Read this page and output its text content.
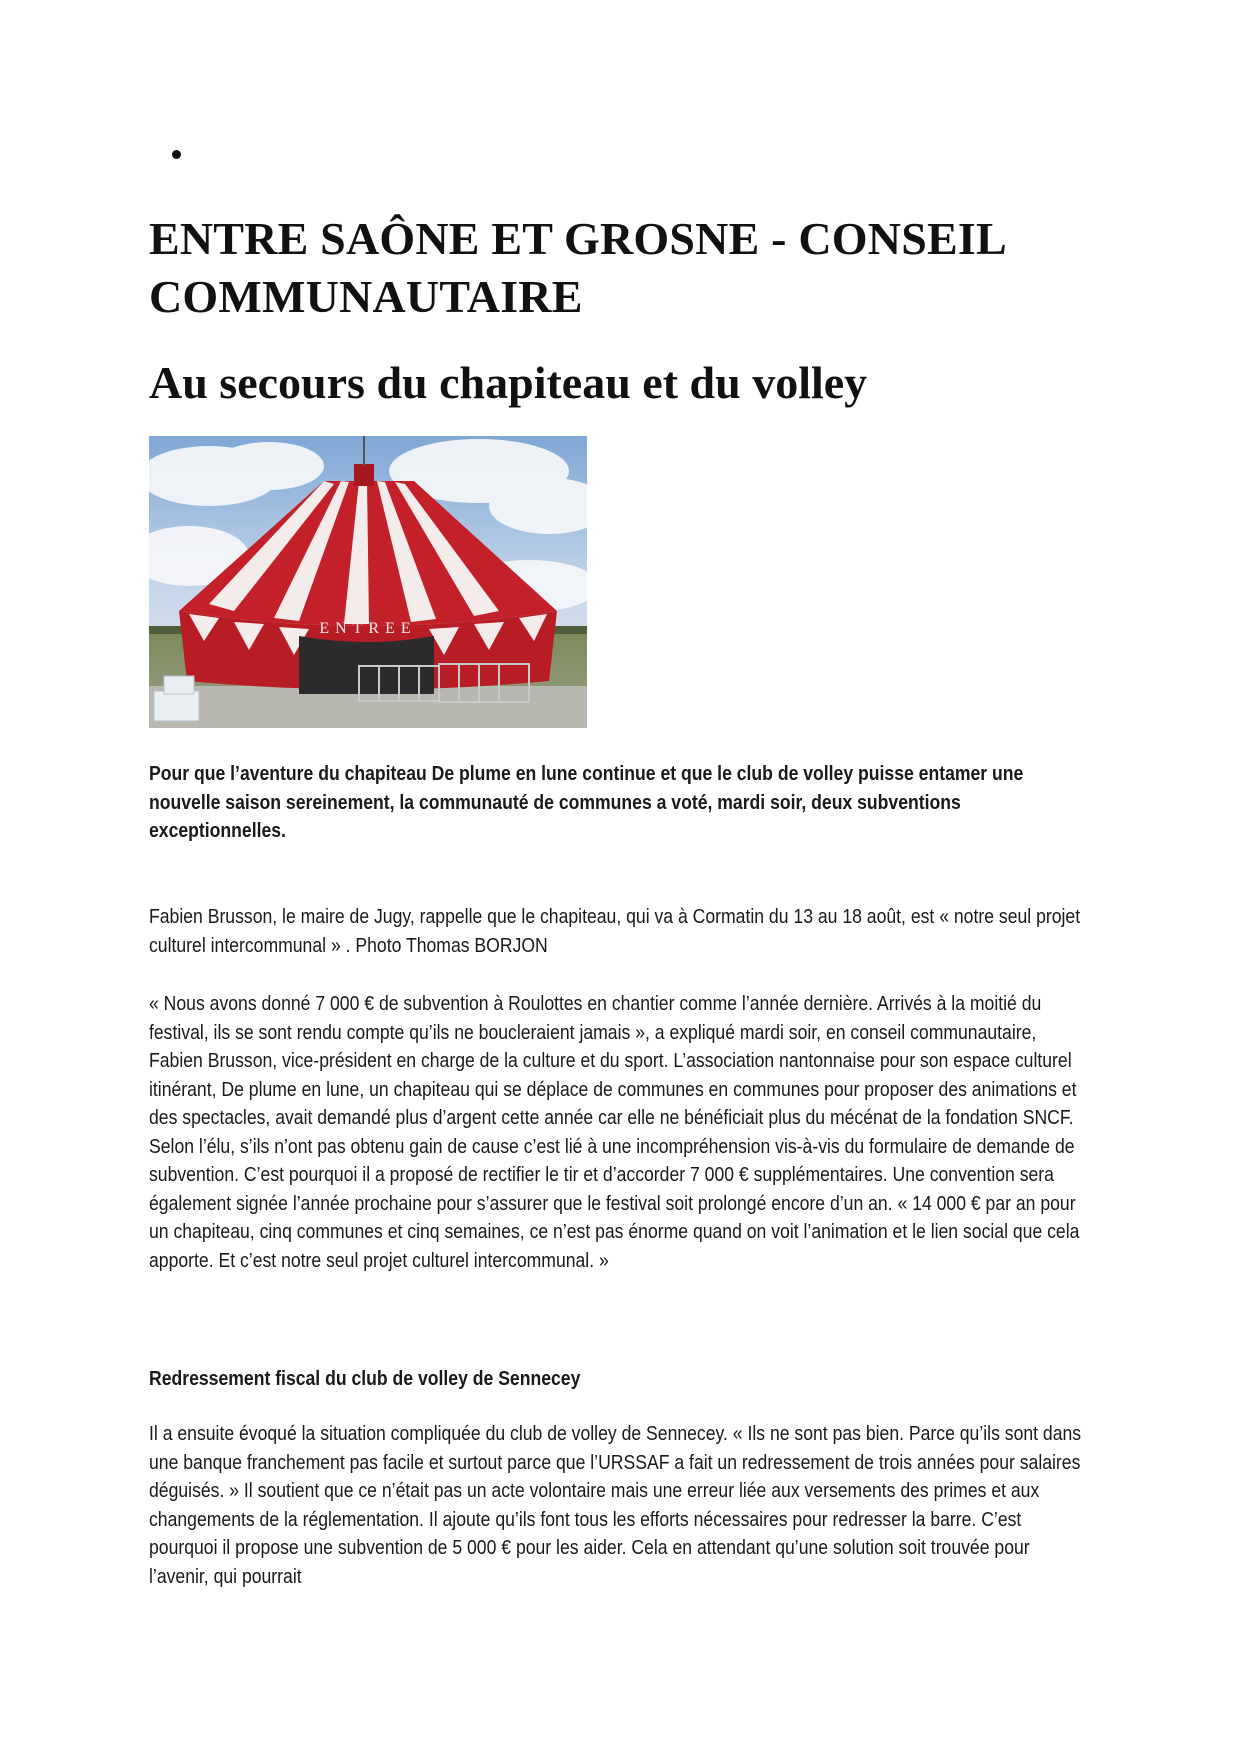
ENTRE SAÔNE ET GROSNE - CONSEIL COMMUNAUTAIRE
Au secours du chapiteau et du volley
ENTREE

Pour que l’aventure du chapiteau De plume en lune continue et que le club de volley puisse entamer une nouvelle saison sereinement, la communauté de communes a voté, mardi soir, deux subventions exceptionnelles.

Fabien Brusson, le maire de Jugy, rappelle que le chapiteau, qui va à Cormatin du 13 au 18 août, est « notre seul projet culturel intercommunal » . Photo Thomas BORJON

« Nous avons donné 7 000 € de subvention à Roulottes en chantier comme l’année dernière. Arrivés à la moitié du festival, ils se sont rendu compte qu’ils ne boucleraient jamais », a expliqué mardi soir, en conseil communautaire, Fabien Brusson, vice-président en charge de la culture et du sport. L’association nantonnaise pour son espace culturel itinérant, De plume en lune, un chapiteau qui se déplace de communes en communes pour proposer des animations et des spectacles, avait demandé plus d’argent cette année car elle ne bénéficiait plus du mécénat de la fondation SNCF. Selon l’élu, s’ils n’ont pas obtenu gain de cause c’est lié à une incompréhension vis-à-vis du formulaire de demande de subvention. C’est pourquoi il a proposé de rectifier le tir et d’accorder 7 000 € supplémentaires. Une convention sera également signée l’année prochaine pour s’assurer que le festival soit prolongé encore d’un an. « 14 000 € par an pour un chapiteau, cinq communes et cinq semaines, ce n’est pas énorme quand on voit l’animation et le lien social que cela apporte. Et c’est notre seul projet culturel intercommunal. »

Redressement fiscal du club de volley de Sennecey

Il a ensuite évoqué la situation compliquée du club de volley de Sennecey. « Ils ne sont pas bien. Parce qu’ils sont dans une banque franchement pas facile et surtout parce que l’URSSAF a fait un redressement de trois années pour salaires déguisés. » Il soutient que ce n’était pas un acte volontaire mais une erreur liée aux versements des primes et aux changements de la réglementation. Il ajoute qu’ils font tous les efforts nécessaires pour redresser la barre. C’est pourquoi il propose une subvention de 5 000 € pour les aider. Cela en attendant qu’une solution soit trouvée pour l’avenir, qui pourrait
